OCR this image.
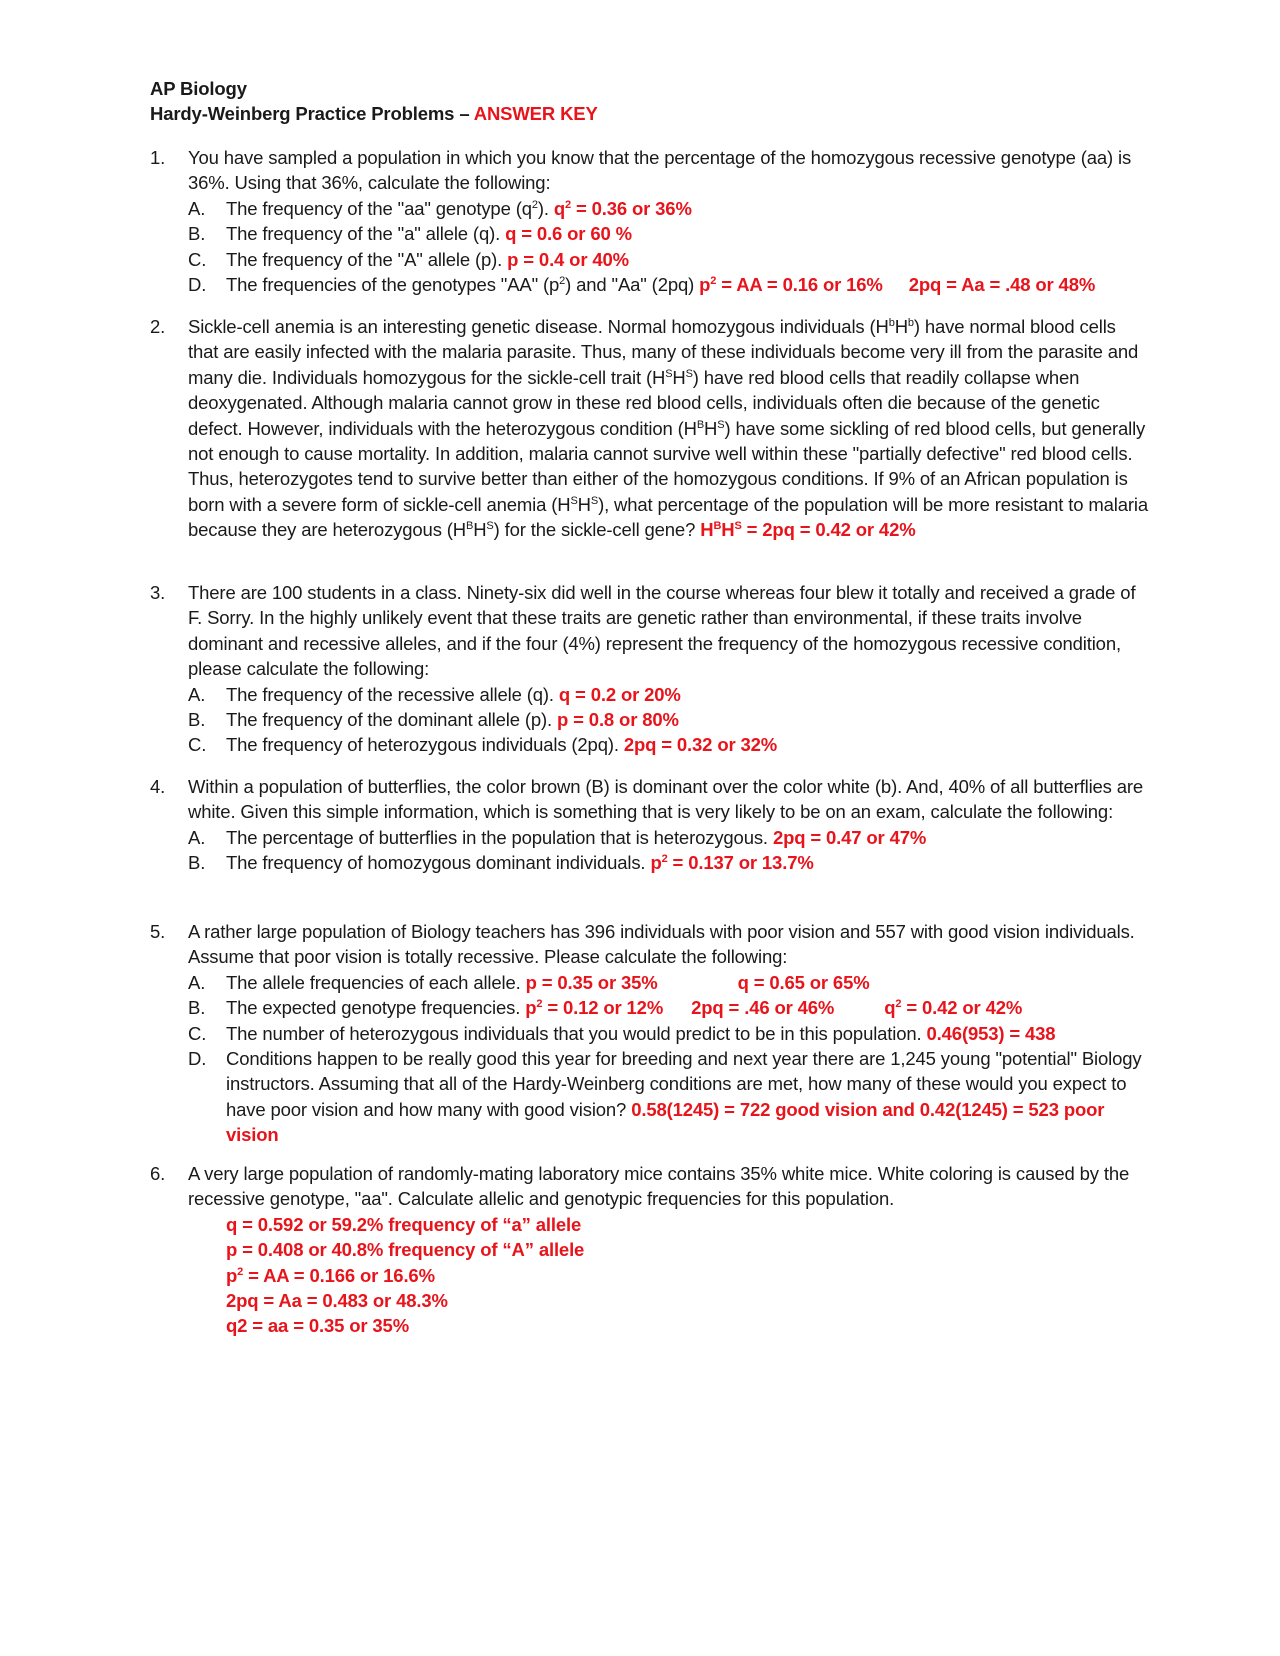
AP Biology
Hardy-Weinberg Practice Problems – ANSWER KEY
1.	You have sampled a population in which you know that the percentage of the homozygous recessive genotype (aa) is 36%. Using that 36%, calculate the following:
A. The frequency of the "aa" genotype $(q^2)$. $q^2 = 0.36$ or 36%
B. The frequency of the "a" allele (q). q = 0.6 or 60 %
C. The frequency of the "A" allele (p). p = 0.4 or 40%
D. The frequencies of the genotypes "AA" $(p^2)$ and "Aa" (2pq) $p^2$ = AA = 0.16 or 16% 2pq = Aa = .48 or 48%
2.	Sickle-cell anemia is an interesting genetic disease. Normal homozygous individuals $(H^bH^b)$ have normal blood cells that are easily infected with the malaria parasite. Thus, many of these individuals become very ill from the parasite and many die. Individuals homozygous for the sickle-cell trait $(H^SH^S)$ have red blood cells that readily collapse when deoxygenated. Although malaria cannot grow in these red blood cells, individuals often die because of the genetic defect. However, individuals with the heterozygous condition $(H^BH^S)$ have some sickling of red blood cells, but generally not enough to cause mortality. In addition, malaria cannot survive well within these "partially defective" red blood cells. Thus, heterozygotes tend to survive better than either of the homozygous conditions. If 9% of an African population is born with a severe form of sickle-cell anemia $(H^SH^S)$, what percentage of the population will be more resistant to malaria because they are heterozygous $(H^BH^S)$ for the sickle-cell gene? $H^BH^S = 2pq = 0.42$ or 42%
3.	There are 100 students in a class. Ninety-six did well in the course whereas four blew it totally and received a grade of F. Sorry. In the highly unlikely event that these traits are genetic rather than environmental, if these traits involve dominant and recessive alleles, and if the four (4%) represent the frequency of the homozygous recessive condition, please calculate the following:
A. The frequency of the recessive allele (q). q = 0.2 or 20%
B. The frequency of the dominant allele (p). p = 0.8 or 80%
C. The frequency of heterozygous individuals (2pq). 2pq = 0.32 or 32%
4.	Within a population of butterflies, the color brown (B) is dominant over the color white (b). And, 40% of all butterflies are white. Given this simple information, which is something that is very likely to be on an exam, calculate the following:
A. The percentage of butterflies in the population that is heterozygous. 2pq = 0.47 or 47%
B. The frequency of homozygous dominant individuals. $p^2 = 0.137$ or 13.7%
5.	A rather large population of Biology teachers has 396 individuals with poor vision and 557 with good vision individuals. Assume that poor vision is totally recessive. Please calculate the following:
A. The allele frequencies of each allele. p = 0.35 or 35%	q = 0.65 or 65%
B. The expected genotype frequencies. $p^2 = 0.12$ or 12% 2pq = .46 or 46%	$q^2 = 0.42$ or 42%
C. The number of heterozygous individuals that you would predict to be in this population. 0.46(953) = 438
D. Conditions happen to be really good this year for breeding and next year there are 1,245 young "potential" Biology instructors. Assuming that all of the Hardy-Weinberg conditions are met, how many of these would you expect to have poor vision and how many with good vision? 0.58(1245) = 722 good vision and 0.42(1245) = 523 poor vision
6.	A very large population of randomly-mating laboratory mice contains 35% white mice. White coloring is caused by the recessive genotype, "aa". Calculate allelic and genotypic frequencies for this population.
q = 0.592 or 59.2% frequency of “a” allele
p = 0.408 or 40.8% frequency of “A” allele
$p^2$ = AA = 0.166 or 16.6%
2pq = Aa = 0.483 or 48.3%
q2 = aa = 0.35 or 35%
